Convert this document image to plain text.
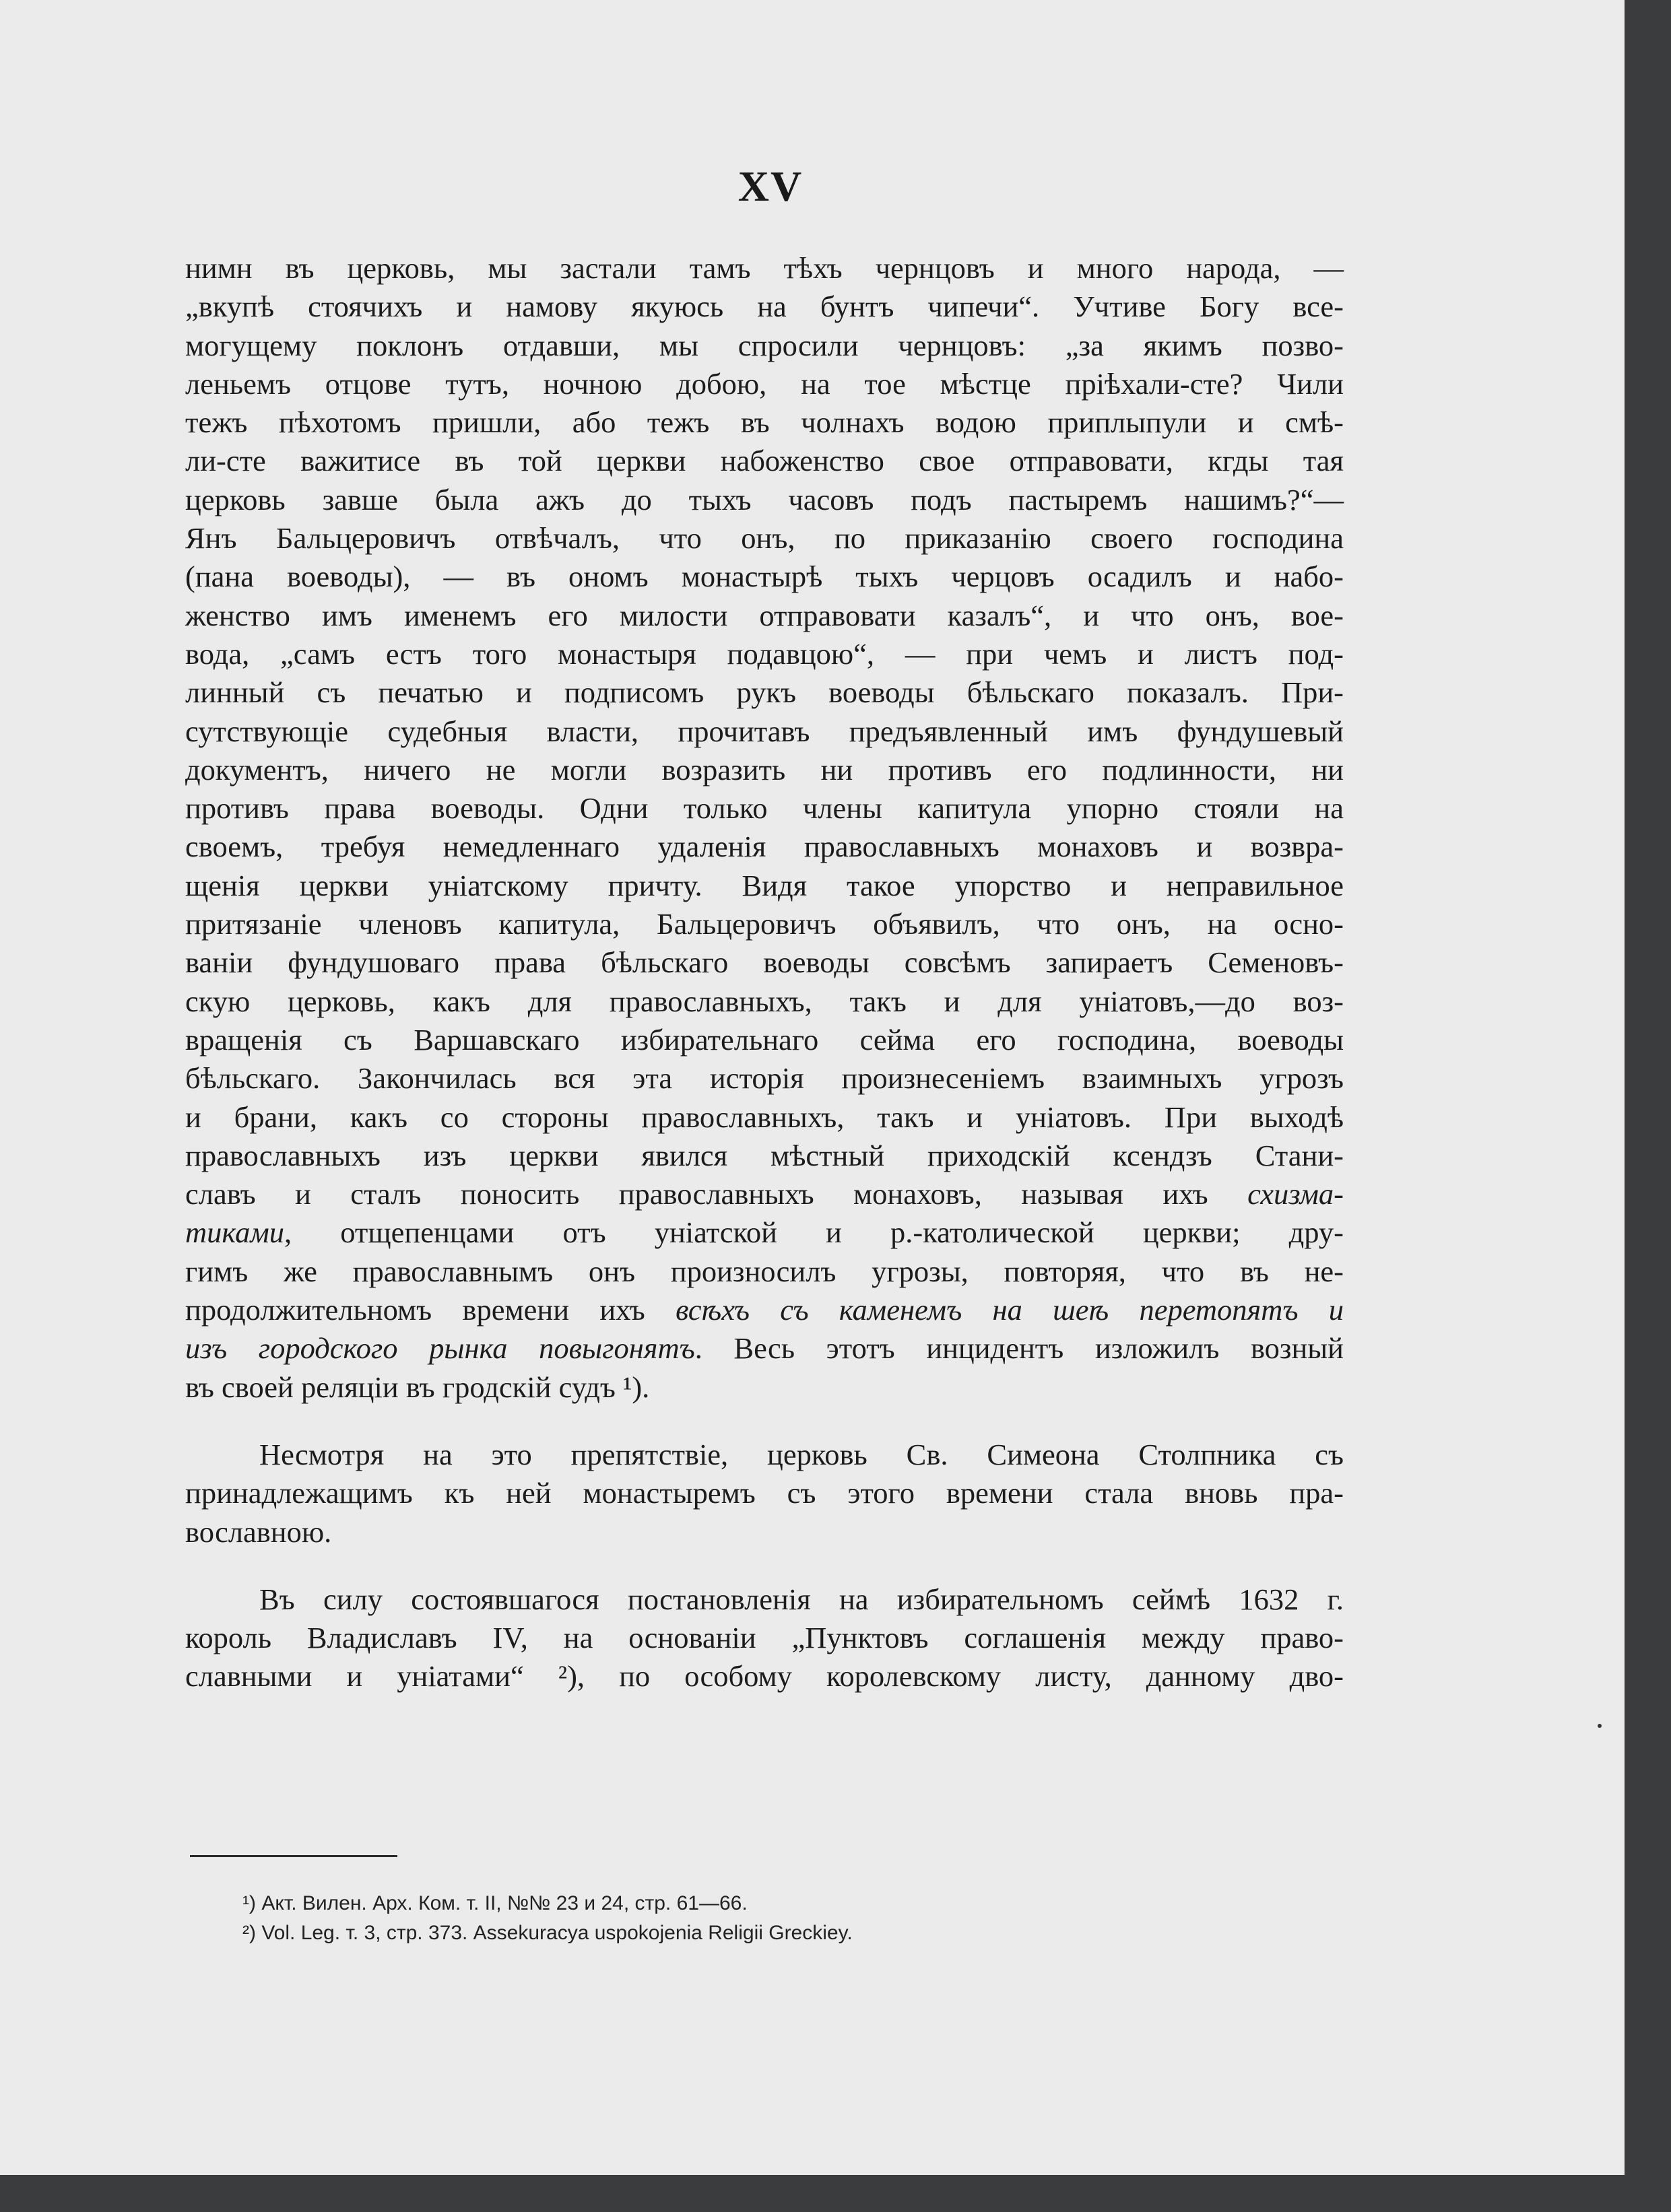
XV
нимн въ церковь, мы застали тамъ тѣхъ чернцовъ и много народа, —
„вкупѣ стоячихъ и намову якуюсь на бунтъ чипечи“. Учтиве Богу все-
могущему поклонъ отдавши, мы спросили чернцовъ: „за якимъ позво-
леньемъ отцове тутъ, ночною добою, на тое мѣстце пріѣхали-сте? Чили
тежъ пѣхотомъ пришли, або тежъ въ чолнахъ водою приплыпули и смѣ-
ли-сте важитисе въ той церкви набоженство свое отправовати, кгды тая
церковь завше была ажъ до тыхъ часовъ подъ пастыремъ нашимъ?“—
Янъ Бальцеровичъ отвѣчалъ, что онъ, по приказанію своего господина
(пана воеводы), — въ ономъ монастырѣ тыхъ черцовъ осадилъ и набо-
женство имъ именемъ его милости отправовати казалъ“, и что онъ, вое-
вода, „самъ естъ того монастыря подавцою“, — при чемъ и листъ под-
линный съ печатью и подписомъ рукъ воеводы бѣльскаго показалъ. При-
сутствующіе судебныя власти, прочитавъ предъявленный имъ фундушевый
документъ, ничего не могли возразить ни противъ его подлинности, ни
противъ права воеводы. Одни только члены капитула упорно стояли на
своемъ, требуя немедленнаго удаленія православныхъ монаховъ и возвра-
щенія церкви уніатскому причту. Видя такое упорство и неправильное
притязаніе членовъ капитула, Бальцеровичъ объявилъ, что онъ, на осно-
ваніи фундушоваго права бѣльскаго воеводы совсѣмъ запираетъ Семеновъ-
скую церковь, какъ для православныхъ, такъ и для уніатовъ,—до воз-
вращенія съ Варшавскаго избирательнаго сейма его господина, воеводы
бѣльскаго. Закончилась вся эта исторія произнесеніемъ взаимныхъ угрозъ
и брани, какъ со стороны православныхъ, такъ и уніатовъ. При выходѣ
православныхъ изъ церкви явился мѣстный приходскій ксендзъ Стани-
славъ и сталъ поносить православныхъ монаховъ, называя ихъ схизма-
тиками, отщепенцами отъ уніатской и р.-католической церкви; дру-
гимъ же православнымъ онъ произносилъ угрозы, повторяя, что въ не-
продолжительномъ времени ихъ всѣхъ съ каменемъ на шеѣ перетопятъ и
изъ городского рынка повыгонятъ. Весь этотъ инцидентъ изложилъ возный
въ своей реляціи въ гродскій судъ ¹).
Несмотря на это препятствіе, церковь Св. Симеона Столпника съ
принадлежащимъ къ ней монастыремъ съ этого времени стала вновь пра-
вославною.
Въ силу состоявшагося постановленія на избирательномъ сеймѣ 1632 г.
король Владиславъ IV, на основаніи „Пунктовъ соглашенія между право-
славными и уніатами“ ²), по особому королевскому листу, данному дво-
¹) Акт. Вилен. Арх. Ком. т. II, №№ 23 и 24, стр. 61—66.
²) Vol. Leg. т. 3, стр. 373. Assekuracya uspokojenia Religii Greckiey.
